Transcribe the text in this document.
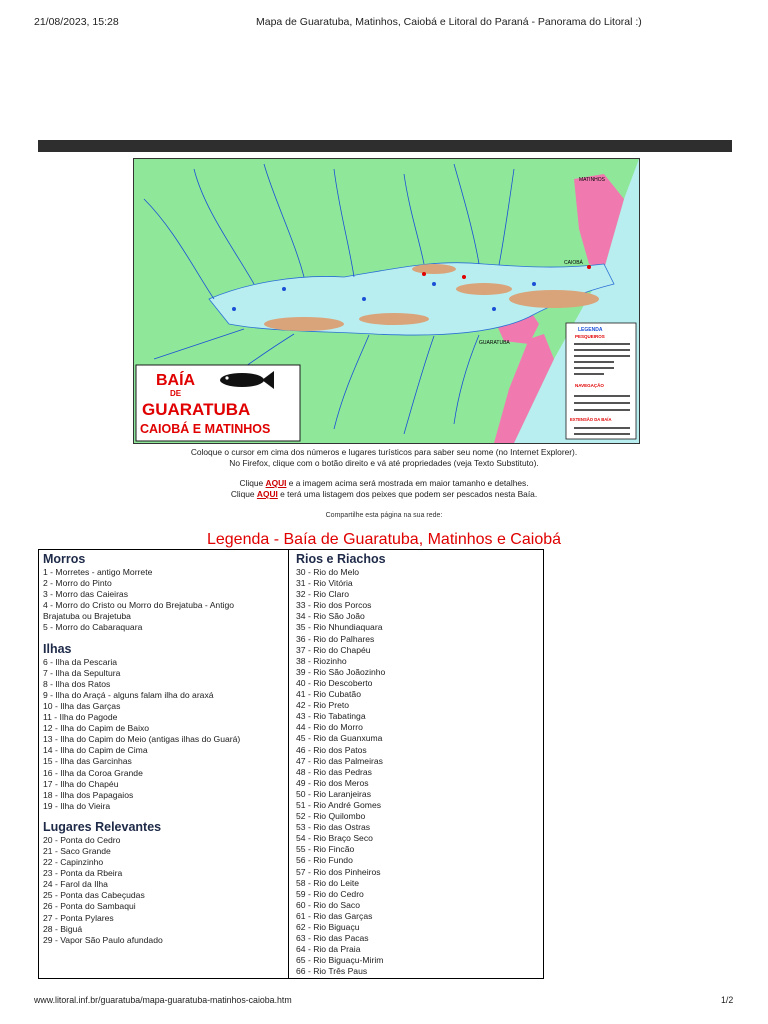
21/08/2023, 15:28	Mapa de Guaratuba, Matinhos, Caiobá e Litoral do Paraná - Panorama do Litoral :)
MATINHOS
CAIOBÁ
GUARATUBA
LEGENDA
PESQUEIROS
NAVEGAÇÃO
EXTENSÃO DA BAÍA
BAÍA
DE
GUARATUBA
CAIOBÁ E MATINHOS
Coloque o cursor em cima dos números e lugares turísticos para saber seu nome (no Internet Explorer).
No Firefox, clique com o botão direito e vá até propriedades (veja Texto Substituto).
Clique AQUI e a imagem acima será mostrada em maior tamanho e detalhes.
Clique AQUI e terá uma listagem dos peixes que podem ser pescados nesta Baía.
Compartilhe esta página na sua rede:
Legenda - Baía de Guaratuba, Matinhos e Caiobá
Morros
1 - Morretes - antigo Morrete
2 - Morro do Pinto
3 - Morro das Caieiras
4 - Morro do Cristo ou Morro do Brejatuba - Antigo
Brajatuba ou Brajetuba
5 - Morro do Cabaraquara
Ilhas
6 - Ilha da Pescaria
7 - Ilha da Sepultura
8 - Ilha dos Ratos
9 - Ilha do Araçá - alguns falam ilha do araxá
10 - Ilha das Garças
11 - Ilha do Pagode
12 - Ilha do Capim de Baixo
13 - Ilha do Capim do Meio (antigas ilhas do Guará)
14 - Ilha do Capim de Cima
15 - Ilha das Garcinhas
16 - Ilha da Coroa Grande
17 - Ilha do Chapéu
18 - Ilha dos Papagaios
19 - Ilha do Vieira
Lugares Relevantes
20 - Ponta do Cedro
21 - Saco Grande
22 - Capinzinho
23 - Ponta da Rbeira
24 - Farol da Ilha
25 - Ponta das Cabeçudas
26 - Ponta do Sambaqui
27 - Ponta Pylares
28 - Biguá
29 - Vapor São Paulo afundado
Rios e Riachos
30 - Rio do Melo
31 - Rio Vitória
32 - Rio Claro
33 - Rio dos Porcos
34 - Rio São João
35 - Rio Nhundiaquara
36 - Rio do Palhares
37 - Rio do Chapéu
38 - Riozinho
39 - Rio São Joãozinho
40 - Rio Descoberto
41 - Rio Cubatão
42 - Rio Preto
43 - Rio Tabatinga
44 - Rio do Morro
45 - Rio da Guanxuma
46 - Rio dos Patos
47 - Rio das Palmeiras
48 - Rio das Pedras
49 - Rio dos Meros
50 - Rio Laranjeiras
51 - Rio André Gomes
52 - Rio Quilombo
53 - Rio das Ostras
54 - Rio Braço Seco
55 - Rio Fincão
56 - Rio Fundo
57 - Rio dos Pinheiros
58 - Rio do Leite
59 - Rio do Cedro
60 - Rio do Saco
61 - Rio das Garças
62 - Rio Biguaçu
63 - Rio das Pacas
64 - Rio da Praia
65 - Rio Biguaçu-Mirim
66 - Rio Três Paus
www.litoral.inf.br/guaratuba/mapa-guaratuba-matinhos-caioba.htm	1/2
